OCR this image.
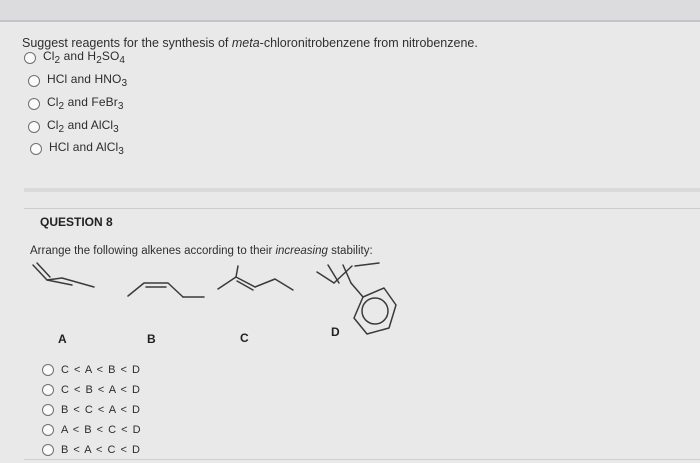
Suggest reagents for the synthesis of meta-chloronitrobenzene from nitrobenzene.
$Cl_2$ and $H_2SO_4$
HCl and $HNO_3$
$Cl_2$ and FeBr$_3$
$Cl_2$ and AlCl$_3$
HCl and AlCl$_3$
QUESTION 8
Arrange the following alkenes according to their increasing stability:
A	B	C	D
C < A < B < D
C < B < A < D
B < C < A < D
A < B < C < D
B < A < C < D
